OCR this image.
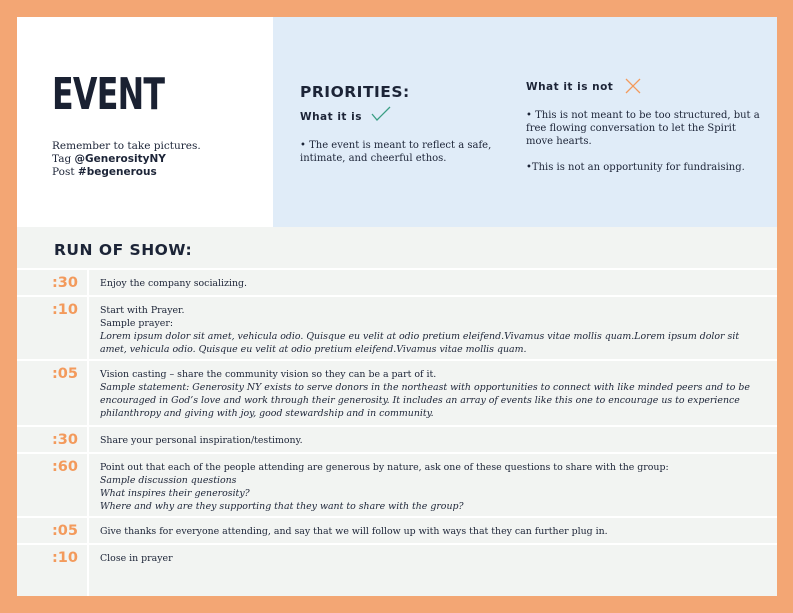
EVENT
Remember to take pictures.
Tag @GenerosityNY
Post #begenerous
PRIORITIES:
What it is
• The event is meant to reflect a safe, intimate, and cheerful ethos.
What it is not

• This is not meant to be too structured, but a free flowing conversation to let the Spirit move hearts.

•This is not an opportunity for fundraising.

RUN OF SHOW:
:30	Enjoy the company socializing.
:10	Start with Prayer.
Sample prayer:
Lorem ipsum dolor sit amet, vehicula odio. Quisque eu velit at odio pretium eleifend.Vivamus vitae mollis quam.Lorem ipsum dolor sit amet, vehicula odio. Quisque eu velit at odio pretium eleifend.Vivamus vitae mollis quam.
:05	Vision casting – share the community vision so they can be a part of it.
Sample statement: Generosity NY exists to serve donors in the northeast with opportunities to connect with like minded peers and to be encouraged in God’s love and work through their generosity. It includes an array of events like this one to encourage us to experience philanthropy and giving with joy, good stewardship and in community.
:30	Share your personal inspiration/testimony.
:60	Point out that each of the people attending are generous by nature, ask one of these questions to share with the group:
Sample discussion questions
What inspires their generosity?
Where and why are they supporting that they want to share with the group?
:05	Give thanks for everyone attending, and say that we will follow up with ways that they can further plug in.
:10	Close in prayer
